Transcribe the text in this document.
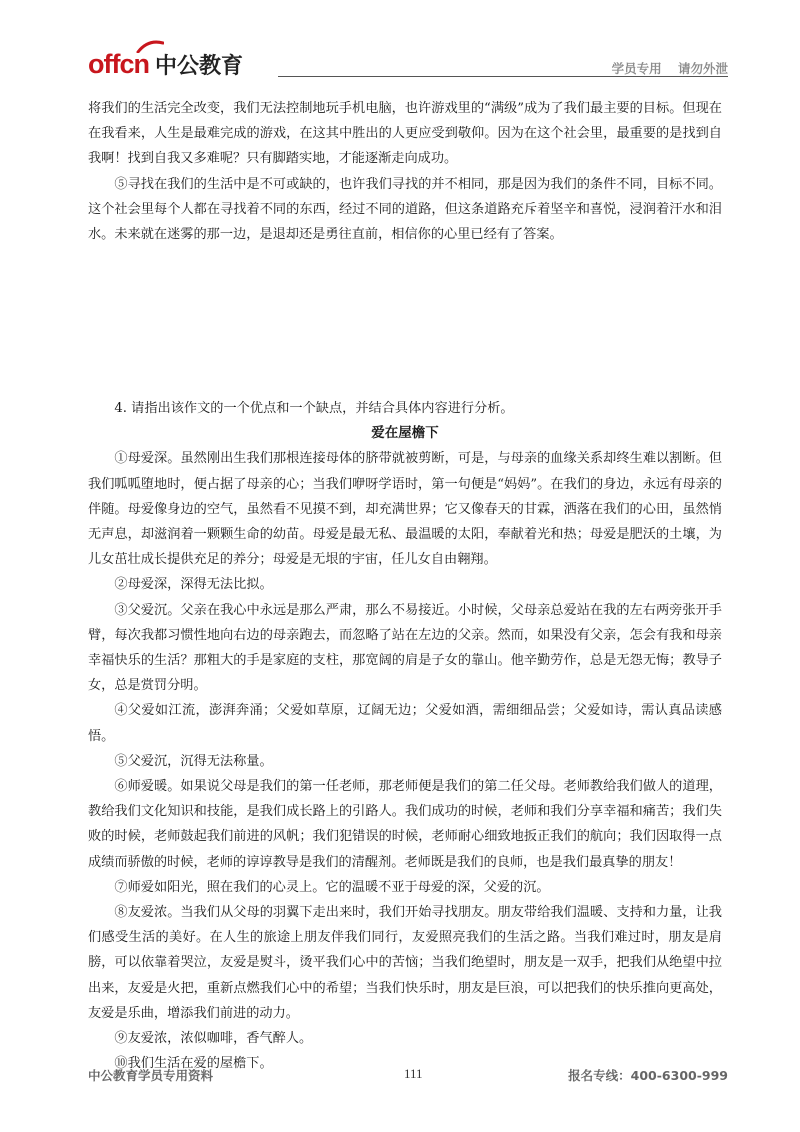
offcn 中公教育	学员专用 请勿外泄

将我们的生活完全改变，我们无法控制地玩手机电脑，也许游戏里的“满级”成为了我们最主要的目标。但现在在我看来，人生是最难完成的游戏，在这其中胜出的人更应受到敬仰。因为在这个社会里，最重要的是找到自我啊！找到自我又多难呢？只有脚踏实地，才能逐渐走向成功。

⑤寻找在我们的生活中是不可或缺的，也许我们寻找的并不相同，那是因为我们的条件不同，目标不同。这个社会里每个人都在寻找着不同的东西，经过不同的道路，但这条道路充斥着坚辛和喜悦，浸润着汗水和泪水。未来就在迷雾的那一边，是退却还是勇往直前，相信你的心里已经有了答案。

4. 请指出该作文的一个优点和一个缺点，并结合具体内容进行分析。

爱在屋檐下

①母爱深。虽然刚出生我们那根连接母体的脐带就被剪断，可是，与母亲的血缘关系却终生难以割断。但我们呱呱堕地时，便占据了母亲的心；当我们咿呀学语时，第一句便是“妈妈”。在我们的身边，永远有母亲的伴随。母爱像身边的空气，虽然看不见摸不到，却充满世界；它又像春天的甘霖，洒落在我们的心田，虽然悄无声息，却滋润着一颗颗生命的幼苗。母爱是最无私、最温暖的太阳，奉献着光和热；母爱是肥沃的土壤，为儿女茁壮成长提供充足的养分；母爱是无垠的宇宙，任儿女自由翱翔。

②母爱深，深得无法比拟。

③父爱沉。父亲在我心中永远是那么严肃，那么不易接近。小时候，父母亲总爱站在我的左右两旁张开手臂，每次我都习惯性地向右边的母亲跑去，而忽略了站在左边的父亲。然而，如果没有父亲，怎会有我和母亲幸福快乐的生活？那粗大的手是家庭的支柱，那宽阔的肩是子女的靠山。他辛勤劳作，总是无怨无悔；教导子女，总是赏罚分明。

④父爱如江流，澎湃奔涌；父爱如草原，辽阔无边；父爱如酒，需细细品尝；父爱如诗，需认真品读感悟。

⑤父爱沉，沉得无法称量。

⑥师爱暖。如果说父母是我们的第一任老师，那老师便是我们的第二任父母。老师教给我们做人的道理，教给我们文化知识和技能，是我们成长路上的引路人。我们成功的时候，老师和我们分享幸福和痛苦；我们失败的时候，老师鼓起我们前进的风帆；我们犯错误的时候，老师耐心细致地扳正我们的航向；我们因取得一点成绩而骄傲的时候，老师的谆谆教导是我们的清醒剂。老师既是我们的良师，也是我们最真挚的朋友！

⑦师爱如阳光，照在我们的心灵上。它的温暖不亚于母爱的深，父爱的沉。

⑧友爱浓。当我们从父母的羽翼下走出来时，我们开始寻找朋友。朋友带给我们温暖、支持和力量，让我们感受生活的美好。在人生的旅途上朋友伴我们同行，友爱照亮我们的生活之路。当我们难过时，朋友是肩膀，可以依靠着哭泣，友爱是熨斗，烫平我们心中的苦恼；当我们绝望时，朋友是一双手，把我们从绝望中拉出来，友爱是火把，重新点燃我们心中的希望；当我们快乐时，朋友是巨浪，可以把我们的快乐推向更高处，友爱是乐曲，增添我们前进的动力。

⑨友爱浓，浓似咖啡，香气醉人。

⑩我们生活在爱的屋檐下。

中公教育学员专用资料	111	报名专线：400-6300-999
